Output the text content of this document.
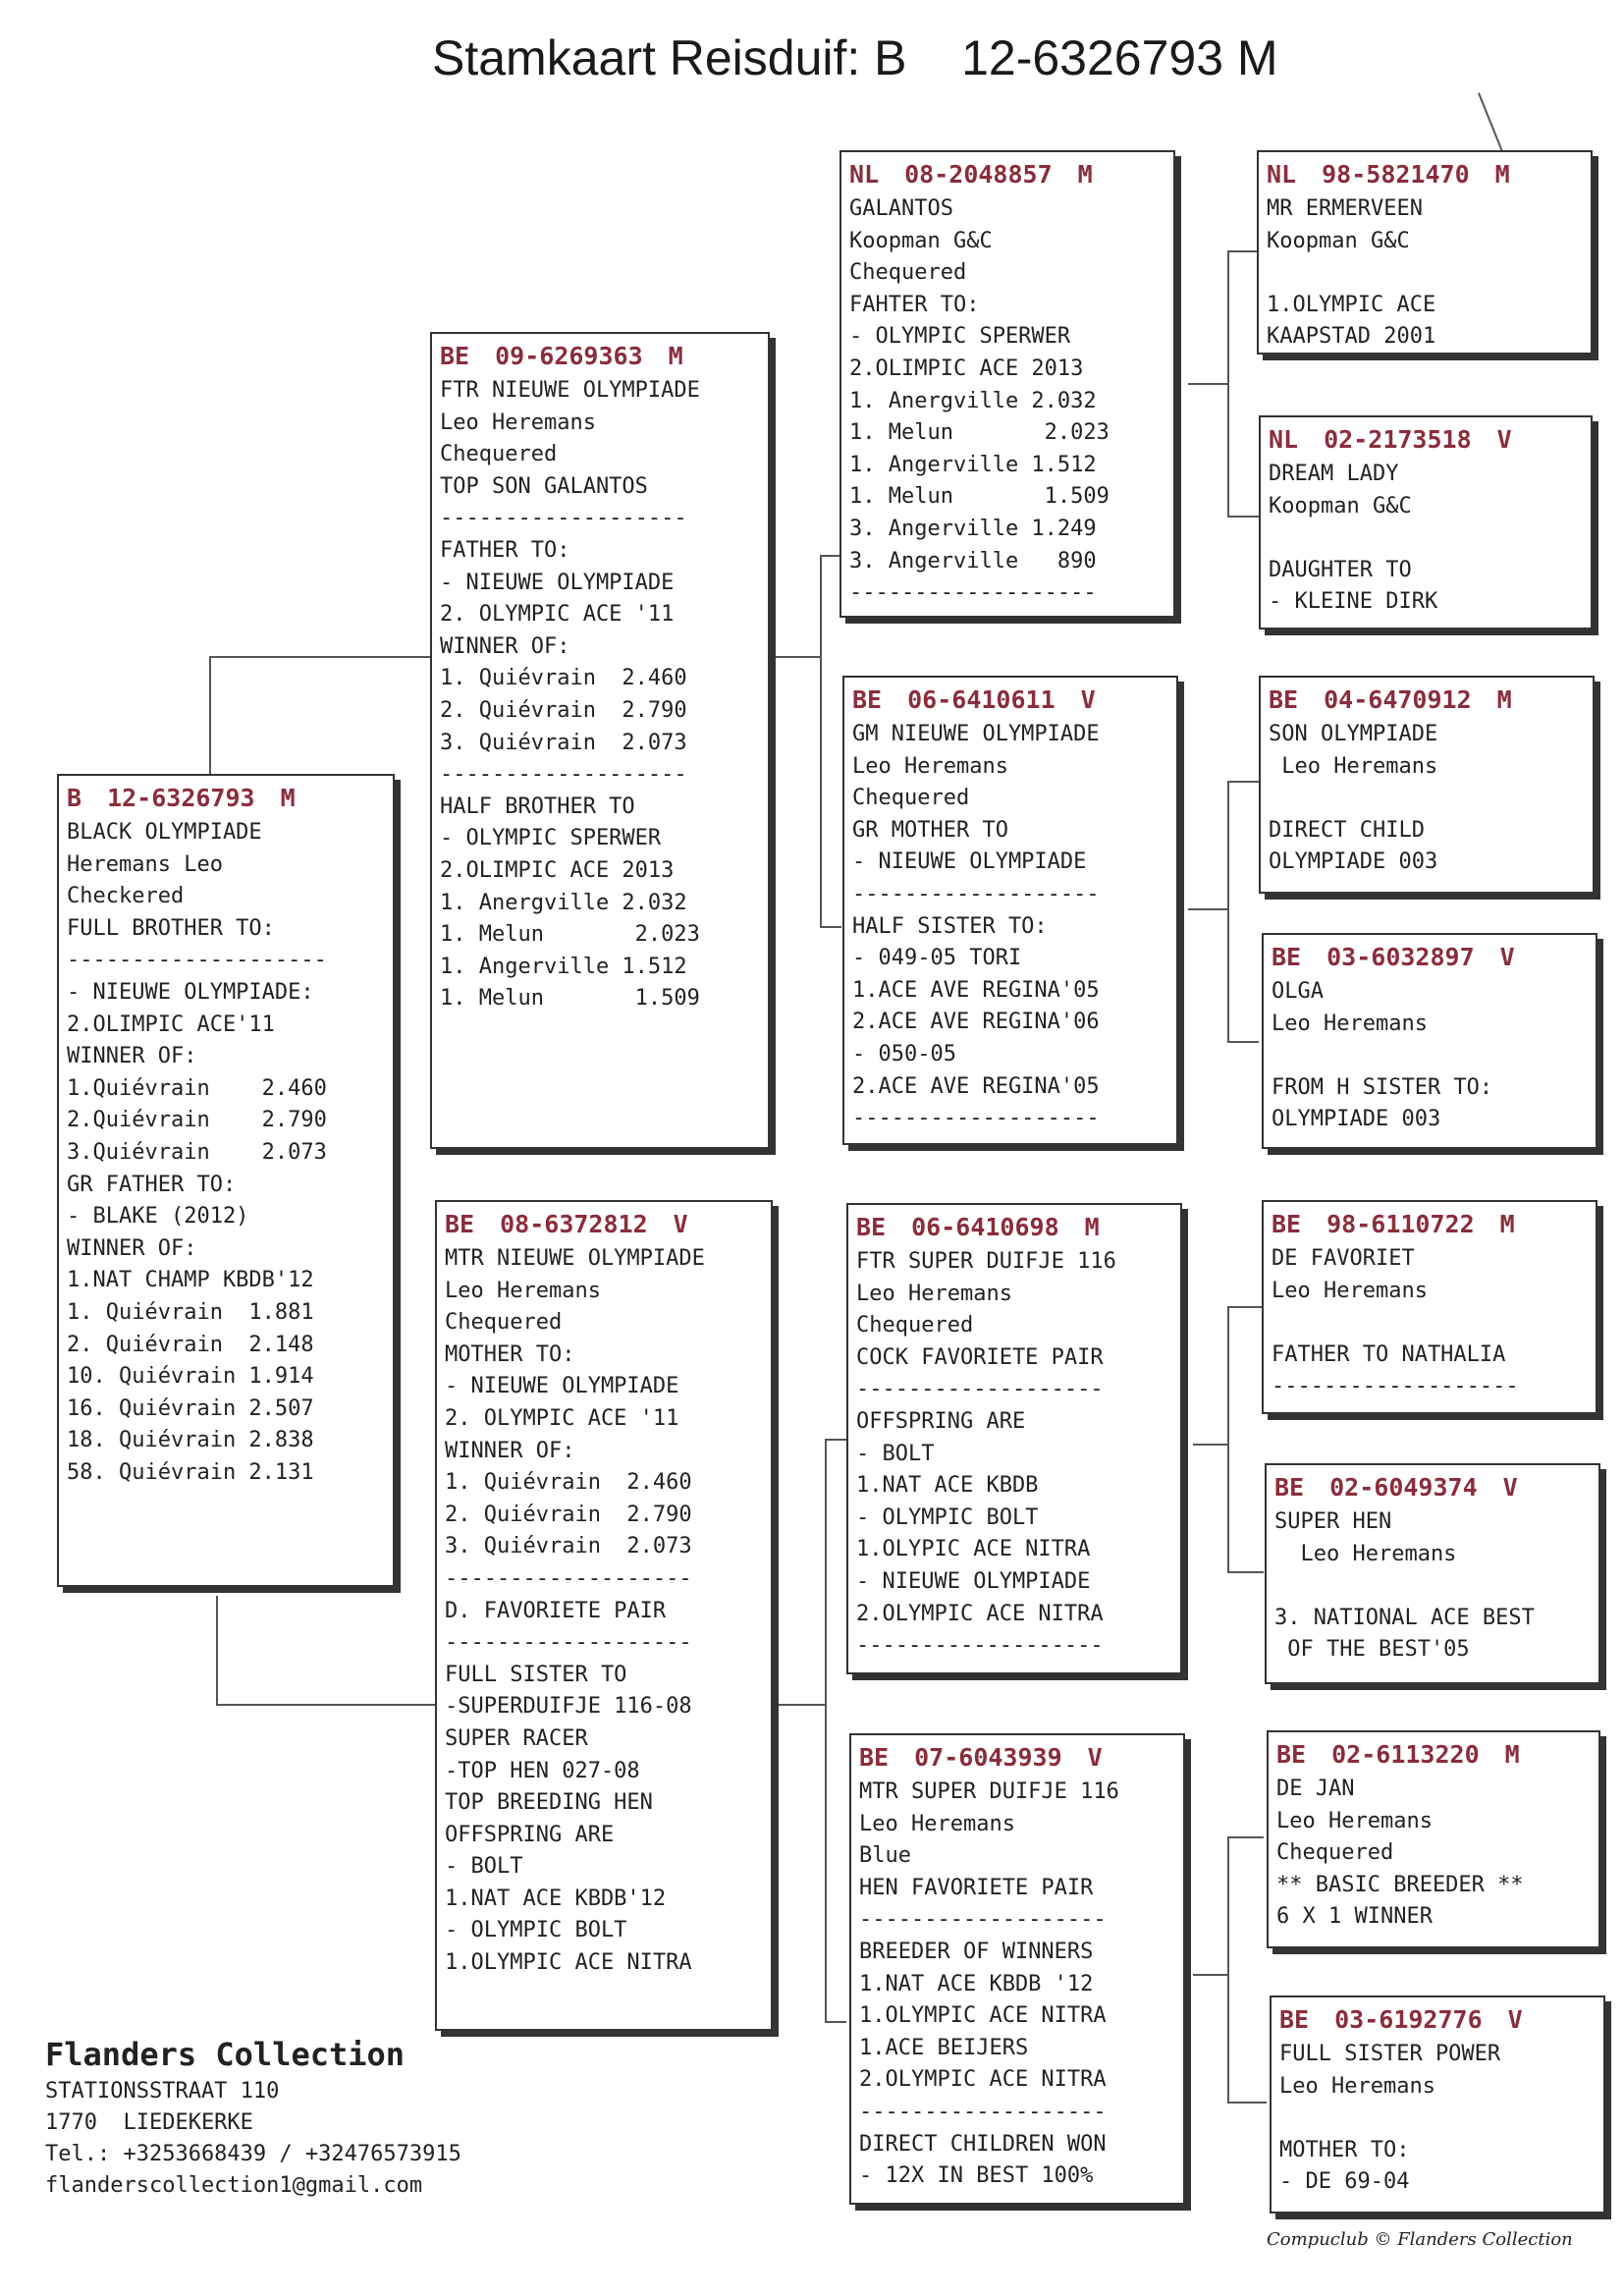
Stamkaart Reisduif: B    12-6326793 M
B 12-6326793 M
BLACK OLYMPIADE
Heremans Leo
Checkered
FULL BROTHER TO:
--------------------
- NIEUWE OLYMPIADE:
2.OLIMPIC ACE'11
WINNER OF:
1.Quiévrain    2.460
2.Quiévrain    2.790
3.Quiévrain    2.073
GR FATHER TO:
- BLAKE (2012)
WINNER OF:
1.NAT CHAMP KBDB'12
1. Quiévrain  1.881
2. Quiévrain  2.148
10. Quiévrain 1.914
16. Quiévrain 2.507
18. Quiévrain 2.838
58. Quiévrain 2.131
BE 09-6269363 M
FTR NIEUWE OLYMPIADE
Leo Heremans
Chequered
TOP SON GALANTOS
-------------------
FATHER TO:
- NIEUWE OLYMPIADE
2. OLYMPIC ACE '11
WINNER OF:
1. Quiévrain  2.460
2. Quiévrain  2.790
3. Quiévrain  2.073
-------------------
HALF BROTHER TO
- OLYMPIC SPERWER
2.OLIMPIC ACE 2013
1. Anergville 2.032
1. Melun       2.023
1. Angerville 1.512
1. Melun       1.509
BE 08-6372812 V
MTR NIEUWE OLYMPIADE
Leo Heremans
Chequered
MOTHER TO:
- NIEUWE OLYMPIADE
2. OLYMPIC ACE '11
WINNER OF:
1. Quiévrain  2.460
2. Quiévrain  2.790
3. Quiévrain  2.073
-------------------
D. FAVORIETE PAIR
-------------------
FULL SISTER TO
-SUPERDUIFJE 116-08
SUPER RACER
-TOP HEN 027-08
TOP BREEDING HEN
OFFSPRING ARE
- BOLT
1.NAT ACE KBDB'12
- OLYMPIC BOLT
1.OLYMPIC ACE NITRA
NL 08-2048857 M
GALANTOS
Koopman G&C
Chequered
FAHTER TO:
- OLYMPIC SPERWER
2.OLIMPIC ACE 2013
1. Anergville 2.032
1. Melun       2.023
1. Angerville 1.512
1. Melun       1.509
3. Angerville 1.249
3. Angerville   890
-------------------
BE 06-6410611 V
GM NIEUWE OLYMPIADE
Leo Heremans
Chequered
GR MOTHER TO
- NIEUWE OLYMPIADE
-------------------
HALF SISTER TO:
- 049-05 TORI
1.ACE AVE REGINA'05
2.ACE AVE REGINA'06
- 050-05
2.ACE AVE REGINA'05
-------------------
BE 06-6410698 M
FTR SUPER DUIFJE 116
Leo Heremans
Chequered
COCK FAVORIETE PAIR
-------------------
OFFSPRING ARE
- BOLT
1.NAT ACE KBDB
- OLYMPIC BOLT
1.OLYPIC ACE NITRA
- NIEUWE OLYMPIADE
2.OLYMPIC ACE NITRA
-------------------
BE 07-6043939 V
MTR SUPER DUIFJE 116
Leo Heremans
Blue
HEN FAVORIETE PAIR
-------------------
BREEDER OF WINNERS
1.NAT ACE KBDB '12
1.OLYMPIC ACE NITRA
1.ACE BEIJERS
2.OLYMPIC ACE NITRA
-------------------
DIRECT CHILDREN WON
- 12X IN BEST 100%
NL 98-5821470 M
MR ERMERVEEN
Koopman G&C

1.OLYMPIC ACE
KAAPSTAD 2001
NL 02-2173518 V
DREAM LADY
Koopman G&C

DAUGHTER TO
- KLEINE DIRK
BE 04-6470912 M
SON OLYMPIADE
Leo Heremans

DIRECT CHILD
OLYMPIADE 003
BE 03-6032897 V
OLGA
Leo Heremans

FROM H SISTER TO:
OLYMPIADE 003
BE 98-6110722 M
DE FAVORIET
Leo Heremans

FATHER TO NATHALIA
-------------------
BE 02-6049374 V
SUPER HEN
Leo Heremans

3. NATIONAL ACE BEST
OF THE BEST'05
BE 02-6113220 M
DE JAN
Leo Heremans
Chequered
** BASIC BREEDER **
6 X 1 WINNER
BE 03-6192776 V
FULL SISTER POWER
Leo Heremans

MOTHER TO:
- DE 69-04
Flanders Collection
STATIONSSTRAAT 110
1770  LIEDEKERKE
Tel.: +3253668439 / +32476573915
flanderscollection1@gmail.com
Compuclub © Flanders Collection
